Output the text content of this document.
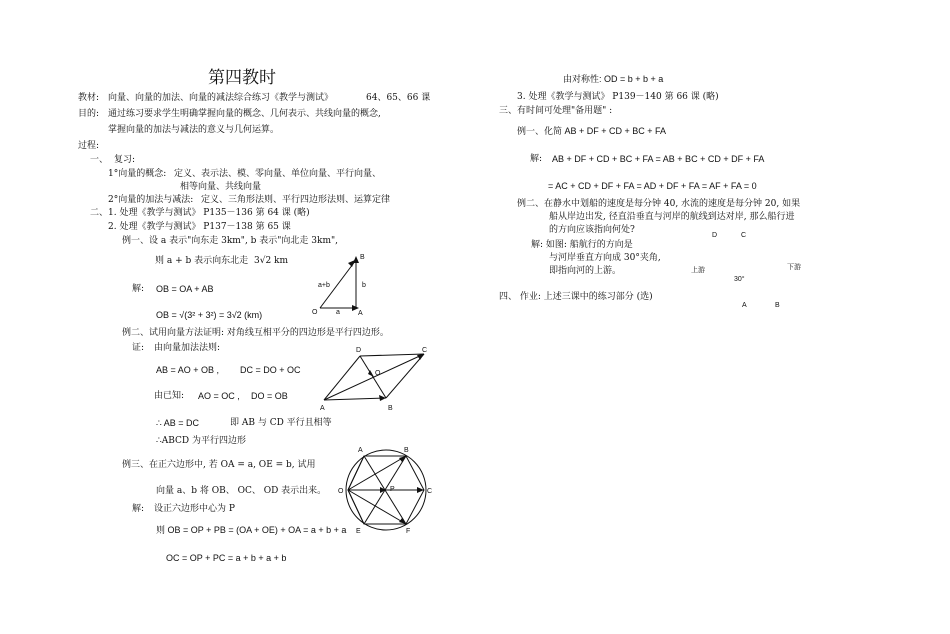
第四教时
教材: 向量、向量的加法、向量的减法综合练习《教学与测试》	64、65、66 课
目的: 通过练习要求学生明确掌握向量的概念、几何表示、共线向量的概念,
掌握向量的加法与减法的意义与几何运算。
过程:
一、 复习:
1°向量的概念: 定义、表示法、模、零向量、单位向量、平行向量、
相等向量、共线向量
2°向量的加法与减法: 定义、三角形法则、平行四边形法则、运算定律
二、 1. 处理《教学与测试》 P135－136 第 64 课 (略)
2. 处理《教学与测试》 P137－138 第 65 课
例一、设 a 表示"向东走 3km", b 表示"向北走 3km",
则 a + b 表示向东北走 3√2 km
解: OB = OA + AB
OB = √(3² + 3²) = 3√2 (km)
B
O	A
a+b
a
b
例二、试用向量方法证明: 对角线互相平分的四边形是平行四边形。
证: 由向量加法法则:
AB = AO + OB , DC = DO + OC
由已知: AO = OC , DO = OB
∴ AB = DC	即 AB 与 CD 平行且相等
∴ABCD 为平行四边形
D	C
O
A	B
例三、在正六边形中, 若 OA = a, OE = b, 试用
向量 a、b 将 OB、 OC、 OD 表示出来。
解: 设正六边形中心为 P
则 OB = OP + PB = (OA + OE) + OA = a + b + a
OC = OP + PC = a + b + a + b
A	B
O	P	C
E	F
由对称性: OD = b + b + a
3. 处理《教学与测试》 P139－140 第 66 课 (略)
三、有时间可处理"备用题" :
例一、化简 AB + DF + CD + BC + FA
解: AB + DF + CD + BC + FA = AB + BC + CD + DF + FA
= AC + CD + DF + FA = AD + DF + FA = AF + FA = 0
例二、在静水中划船的速度是每分钟 40, 水流的速度是每分钟 20, 如果
船从岸边出发, 径直沿垂直与河岸的航线到达对岸, 那么船行进
的方向应该指向何处?
解: 如图: 船航行的方向是
与河岸垂直方向成 30°夹角,
即指向河的上游。
D	C
上游	下游
30°
A	B
四、 作业: 上述三课中的练习部分 (选)
